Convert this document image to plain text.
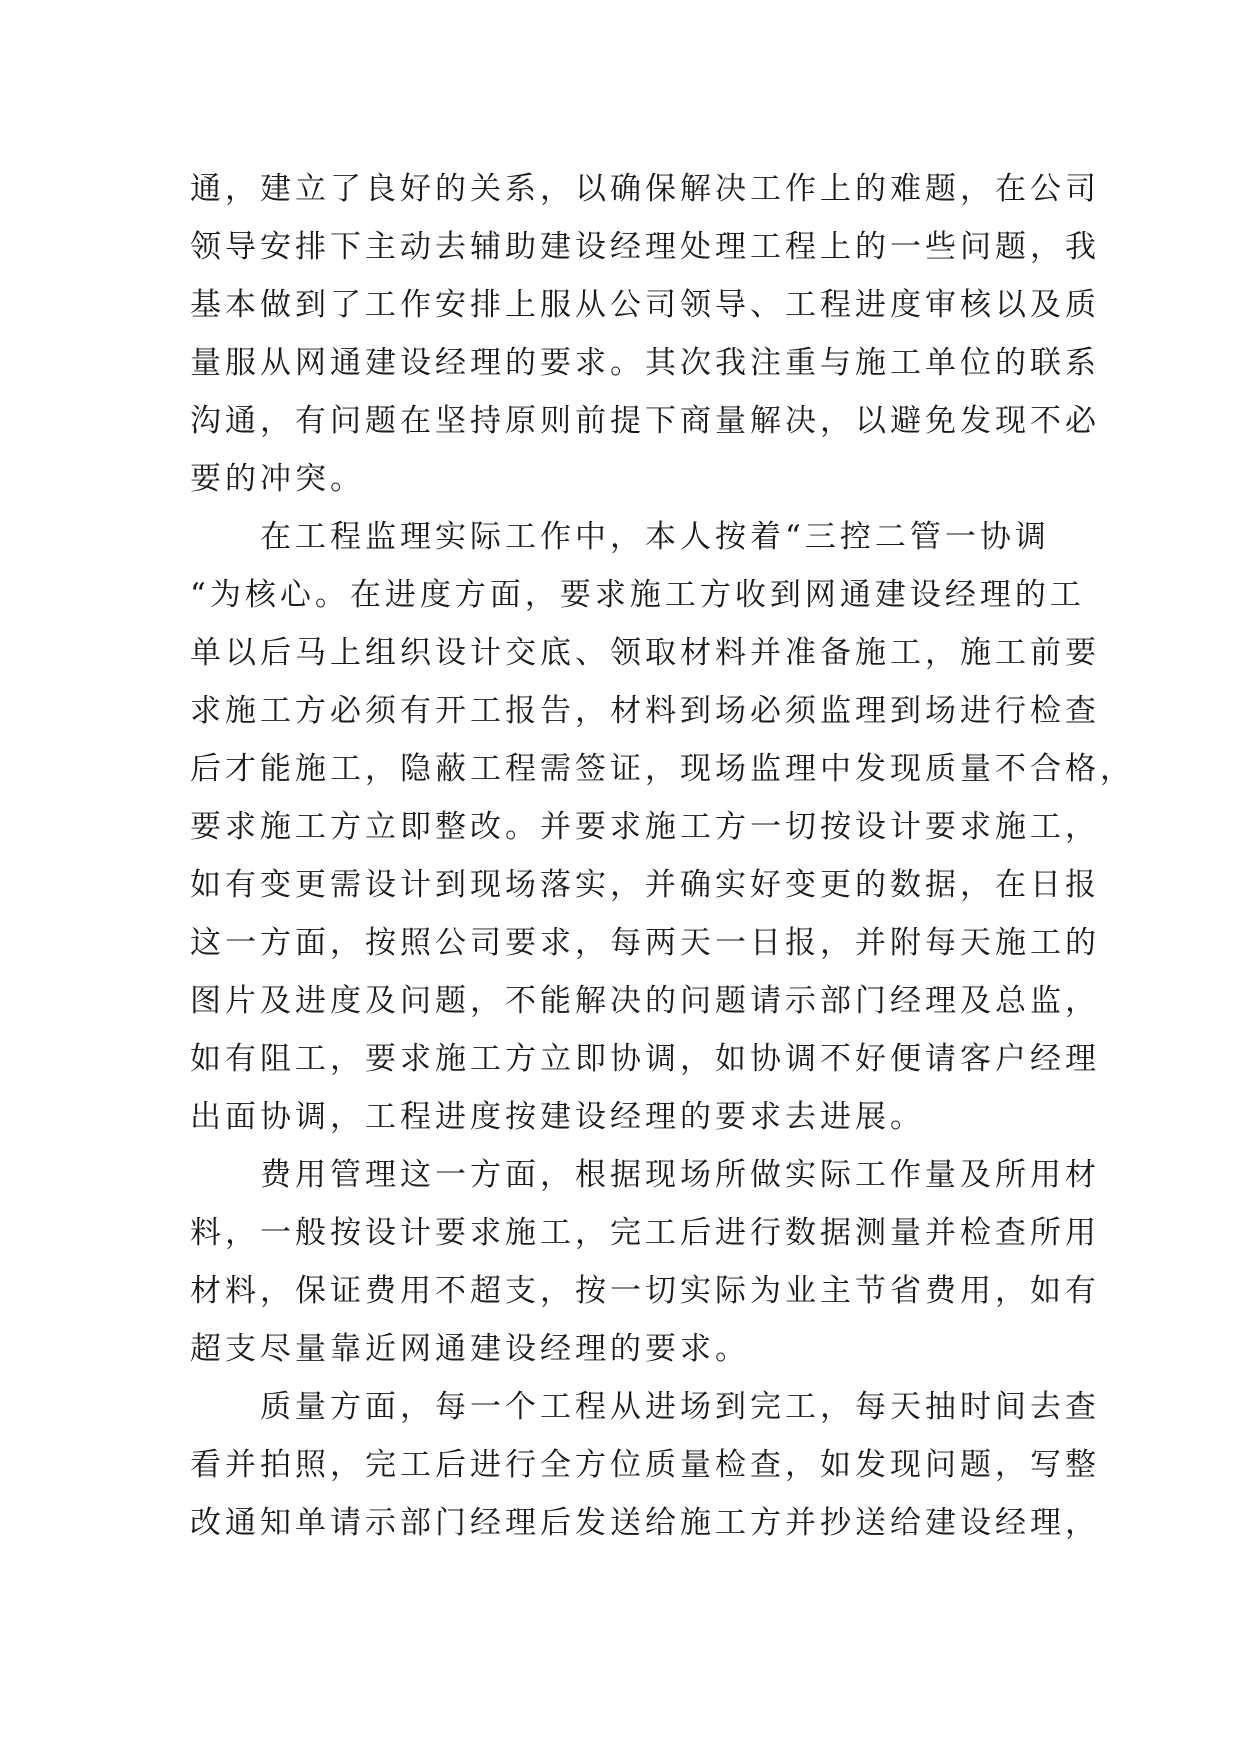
通，建立了良好的关系，以确保解决工作上的难题，在公司
领导安排下主动去辅助建设经理处理工程上的一些问题，我
基本做到了工作安排上服从公司领导、工程进度审核以及质
量服从网通建设经理的要求。其次我注重与施工单位的联系
沟通，有问题在坚持原则前提下商量解决，以避免发现不必
要的冲突。
在工程监理实际工作中，本人按着“三控二管一协调
“为核心。在进度方面，要求施工方收到网通建设经理的工
单以后马上组织设计交底、领取材料并准备施工，施工前要
求施工方必须有开工报告，材料到场必须监理到场进行检查
后才能施工，隐蔽工程需签证，现场监理中发现质量不合格，
要求施工方立即整改。并要求施工方一切按设计要求施工，
如有变更需设计到现场落实，并确实好变更的数据，在日报
这一方面，按照公司要求，每两天一日报，并附每天施工的
图片及进度及问题，不能解决的问题请示部门经理及总监，
如有阻工，要求施工方立即协调，如协调不好便请客户经理
出面协调，工程进度按建设经理的要求去进展。
费用管理这一方面，根据现场所做实际工作量及所用材
料，一般按设计要求施工，完工后进行数据测量并检查所用
材料，保证费用不超支，按一切实际为业主节省费用，如有
超支尽量靠近网通建设经理的要求。
质量方面，每一个工程从进场到完工，每天抽时间去查
看并拍照，完工后进行全方位质量检查，如发现问题，写整
改通知单请示部门经理后发送给施工方并抄送给建设经理，
